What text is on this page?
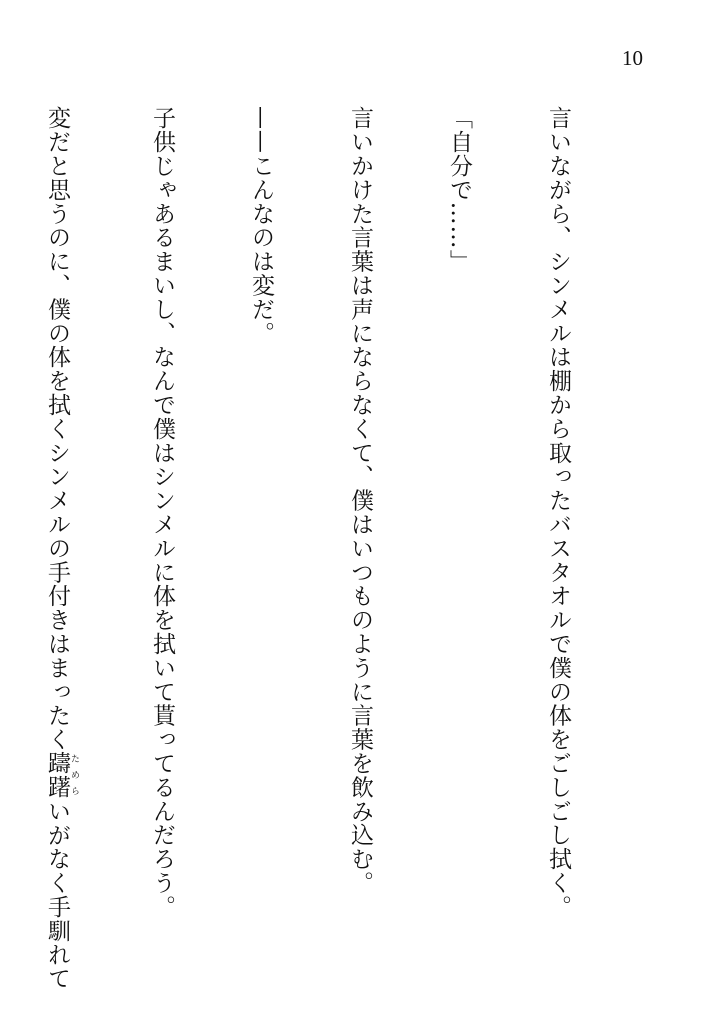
10

言いながら、シンメルは棚から取ったバスタオルで僕の体をごしごし拭く。

「自分で……」

言いかけた言葉は声にならなくて、僕はいつものように言葉を飲み込む。

——こんなのは変だ。

子供じゃあるまいし、なんで僕はシンメルに体を拭いて貰ってるんだろう。

変だと思うのに、僕の体を拭くシンメルの手付きはまったく躊躇 ためらいがなく手馴れて
